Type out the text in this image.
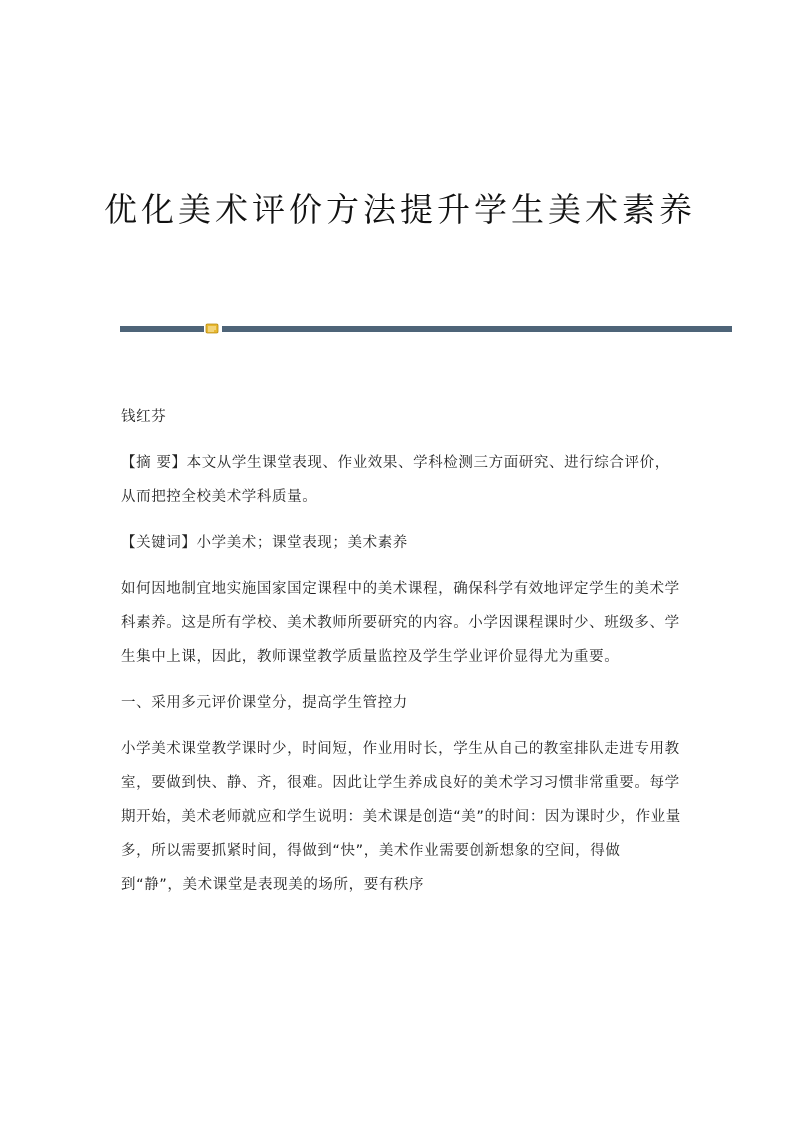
优化美术评价方法提升学生美术素养

钱红芬

【摘 要】本文从学生课堂表现、作业效果、学科检测三方面研究、进行综合评价，从而把控全校美术学科质量。

【关键词】小学美术；课堂表现；美术素养

如何因地制宜地实施国家国定课程中的美术课程，确保科学有效地评定学生的美术学科素养。这是所有学校、美术教师所要研究的内容。小学因课程课时少、班级多、学生集中上课，因此，教师课堂教学质量监控及学生学业评价显得尤为重要。

一、采用多元评价课堂分，提高学生管控力

小学美术课堂教学课时少，时间短，作业用时长，学生从自己的教室排队走进专用教室，要做到快、静、齐，很难。因此让学生养成良好的美术学习习惯非常重要。每学期开始，美术老师就应和学生说明：美术课是创造“美”的时间：因为课时少，作业量多，所以需要抓紧时间，得做到“快”，美术作业需要创新想象的空间，得做到“静”，美术课堂是表现美的场所，要有秩序
